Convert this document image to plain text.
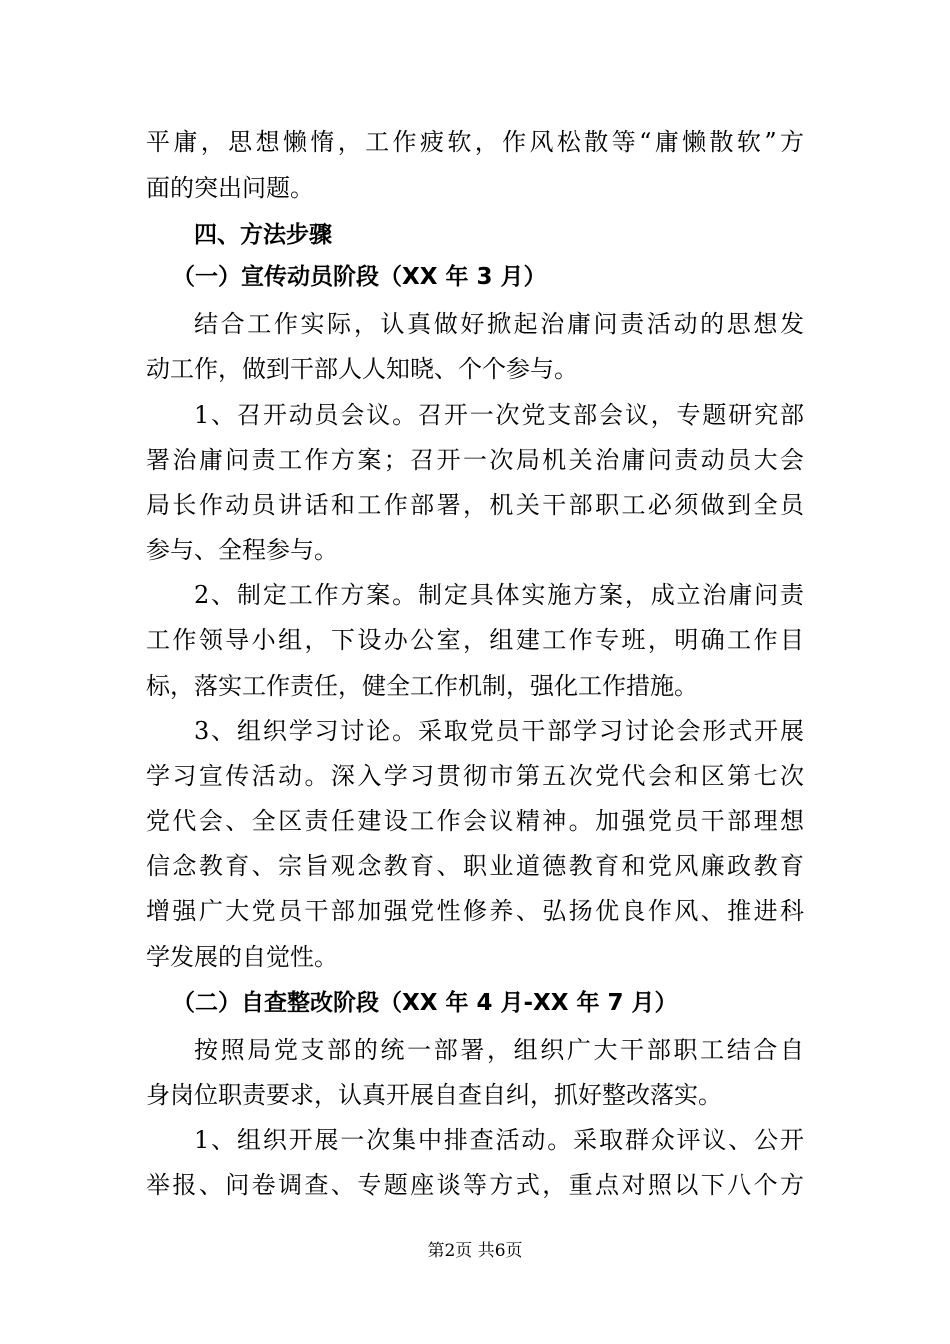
平庸，思想懒惰，工作疲软，作风松散等“庸懒散软”方
面的突出问题。
四、方法步骤
（一）宣传动员阶段（XX 年 3 月）
结合工作实际，认真做好掀起治庸问责活动的思想发
动工作，做到干部人人知晓、个个参与。
1、召开动员会议。召开一次党支部会议，专题研究部
署治庸问责工作方案；召开一次局机关治庸问责动员大会
局长作动员讲话和工作部署，机关干部职工必须做到全员
参与、全程参与。
2、制定工作方案。制定具体实施方案，成立治庸问责
工作领导小组，下设办公室，组建工作专班，明确工作目
标，落实工作责任，健全工作机制，强化工作措施。
3、组织学习讨论。采取党员干部学习讨论会形式开展
学习宣传活动。深入学习贯彻市第五次党代会和区第七次
党代会、全区责任建设工作会议精神。加强党员干部理想
信念教育、宗旨观念教育、职业道德教育和党风廉政教育
增强广大党员干部加强党性修养、弘扬优良作风、推进科
学发展的自觉性。
（二）自查整改阶段（XX 年 4 月-XX 年 7 月）
按照局党支部的统一部署，组织广大干部职工结合自
身岗位职责要求，认真开展自查自纠，抓好整改落实。
1、组织开展一次集中排查活动。采取群众评议、公开
举报、问卷调查、专题座谈等方式，重点对照以下八个方
第2页 共6页
